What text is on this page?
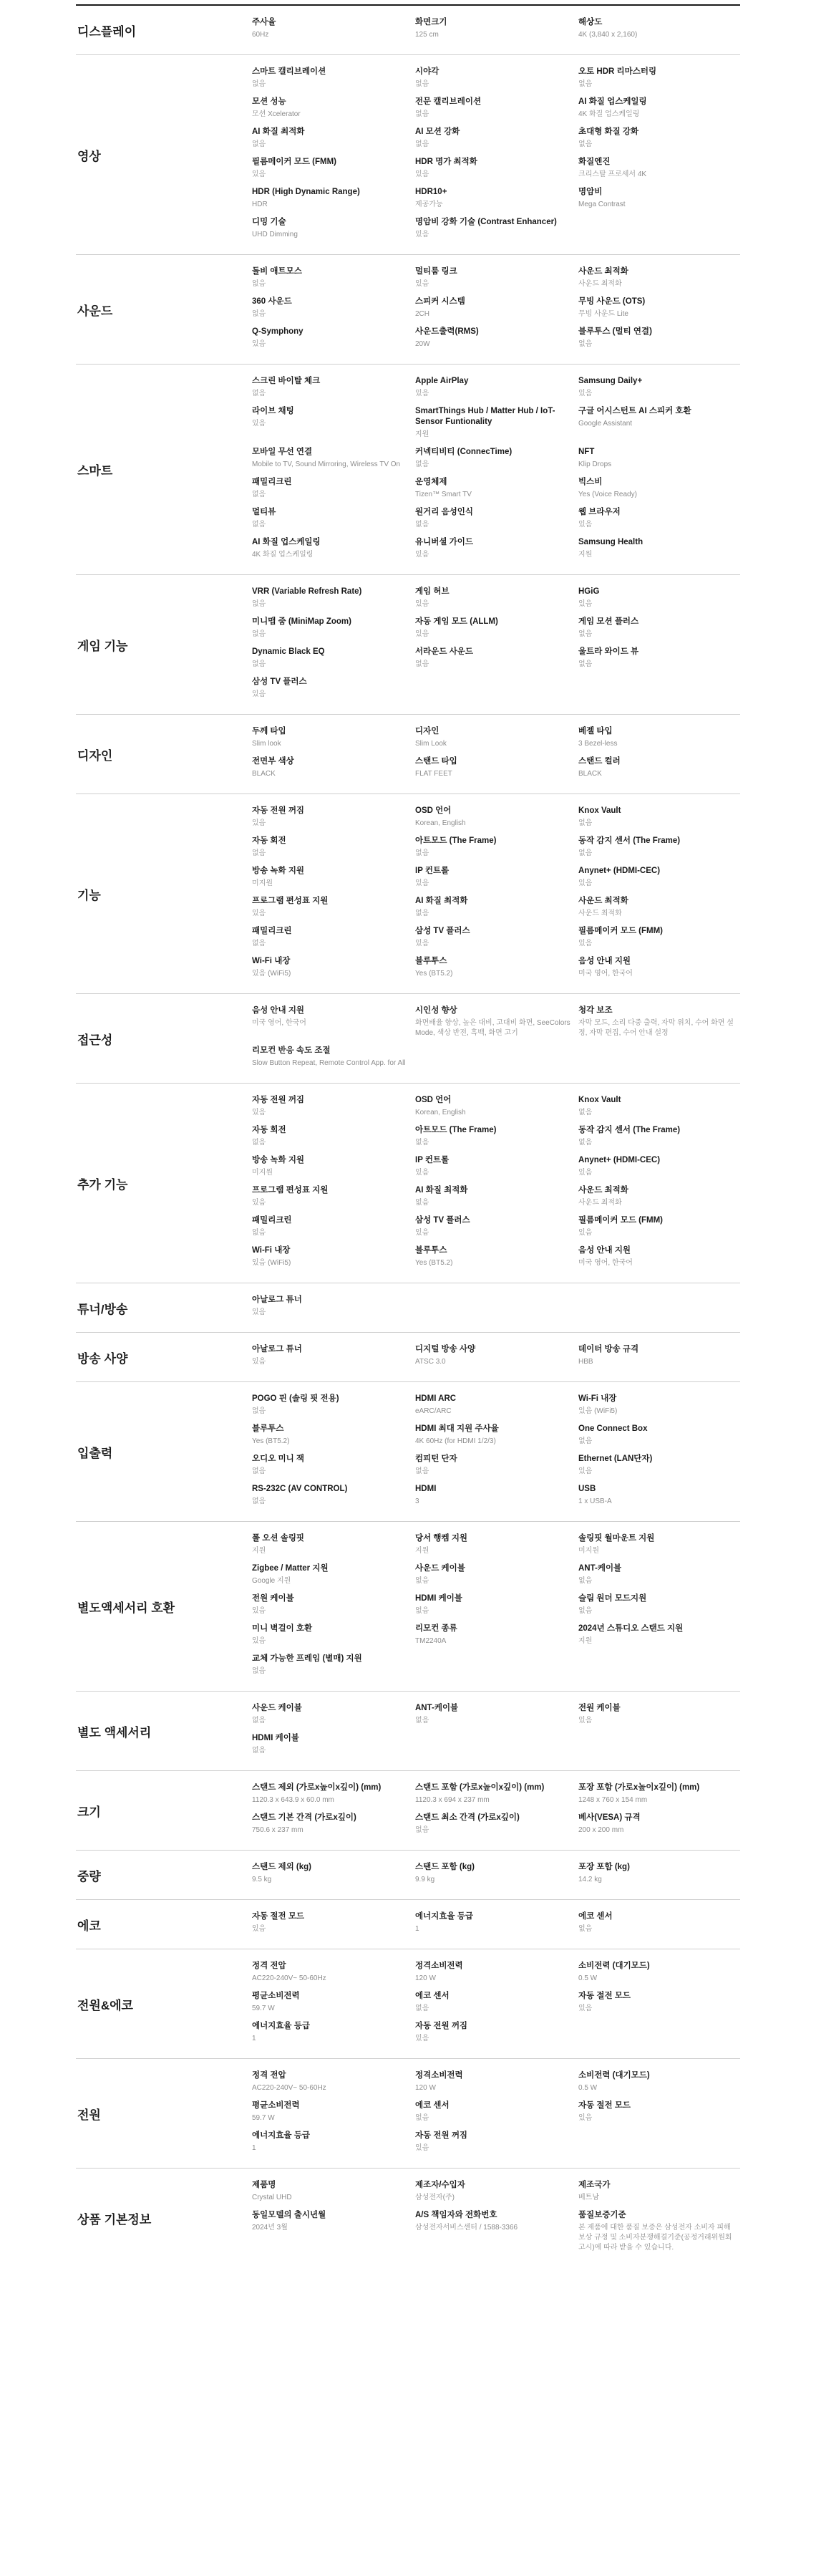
디스플레이
주사율
60Hz
화면크기
125 cm
해상도
4K (3,840 x 2,160)
영상
스마트 캘리브레이션
없음
시야각
없음
오토 HDR 리마스터링
없음
모션 성능
모션 Xcelerator
전문 캘리브레이션
없음
AI 화질 업스케일링
4K 화질 업스케일링
AI 화질 최적화
없음
AI 모션 강화
없음
초대형 화질 강화
없음
필름메이커 모드 (FMM)
있음
HDR 명가 최적화
있음
화질엔진
크리스탈 프로세서 4K
HDR (High Dynamic Range)
HDR
HDR10+
제공가능
명암비
Mega Contrast
디밍 기술
UHD Dimming
명암비 강화 기술 (Contrast Enhancer)
있음
사운드
돌비 애트모스
없음
멀티룸 링크
있음
사운드 최적화
사운드 최적화
360 사운드
없음
스피커 시스템
2CH
무빙 사운드 (OTS)
무빙 사운드 Lite
Q-Symphony
있음
사운드출력(RMS)
20W
블루투스 (멀티 연결)
없음
스마트
스크린 바이탈 체크
없음
Apple AirPlay
있음
Samsung Daily+
있음
라이브 채팅
있음
SmartThings Hub / Matter Hub / IoT-Sensor Funtionality
지원
구글 어시스턴트 AI 스피커 호환
Google Assistant
모바일 무선 연결
Mobile to TV, Sound Mirroring, Wireless TV On
커넥티비티 (ConnecTime)
없음
NFT
Klip Drops
패밀리크린
없음
운영체제
Tizen™ Smart TV
빅스비
Yes (Voice Ready)
멀티뷰
없음
원거리 음성인식
없음
웹 브라우저
있음
AI 화질 업스케일링
4K 화질 업스케일링
유니버셜 가이드
있음
Samsung Health
지원
게임 기능
VRR (Variable Refresh Rate)
없음
게임 허브
있음
HGiG
있음
미니맵 줌 (MiniMap Zoom)
없음
자동 게임 모드 (ALLM)
있음
게임 모션 플러스
없음
Dynamic Black EQ
없음
서라운드 사운드
없음
울트라 와이드 뷰
없음
삼성 TV 플러스
있음
디자인
두께 타입
Slim look
디자인
Slim Look
베젤 타입
3 Bezel-less
전면부 색상
BLACK
스탠드 타입
FLAT FEET
스탠드 컬러
BLACK
기능
자동 전원 꺼짐
있음
OSD 언어
Korean, English
Knox Vault
없음
자동 회전
없음
아트모드 (The Frame)
없음
동작 감지 센서 (The Frame)
없음
방송 녹화 지원
미지원
IP 컨트롤
있음
Anynet+ (HDMI-CEC)
있음
프로그램 편성표 지원
있음
AI 화질 최적화
없음
사운드 최적화
사운드 최적화
패밀리크린
없음
삼성 TV 플러스
있음
필름메이커 모드 (FMM)
있음
Wi-Fi 내장
있음 (WiFi5)
블루투스
Yes (BT5.2)
음성 안내 지원
미국 영어, 한국어
접근성
음성 안내 지원
미국 영어, 한국어
시인성 향상
화면배율 향상, 높은 대비, 고대비 화면, SeeColors Mode, 색상 반전, 흑백, 화면 고기
청각 보조
자막 모드, 소리 다중 출력, 자막 위치, 수어 화면 설정, 자막 편집, 수어 안내 설정
리모컨 반응 속도 조절
Slow Button Repeat, Remote Control App. for All
추가 기능
자동 전원 꺼짐
있음
OSD 언어
Korean, English
Knox Vault
없음
자동 회전
없음
아트모드 (The Frame)
없음
동작 감지 센서 (The Frame)
없음
방송 녹화 지원
미지원
IP 컨트롤
있음
Anynet+ (HDMI-CEC)
있음
프로그램 편성표 지원
있음
AI 화질 최적화
없음
사운드 최적화
사운드 최적화
패밀리크린
없음
삼성 TV 플러스
있음
필름메이커 모드 (FMM)
있음
Wi-Fi 내장
있음 (WiFi5)
블루투스
Yes (BT5.2)
음성 안내 지원
미국 영어, 한국어
튜너/방송
아날로그 튜너
있음
방송 사양
아날로그 튜너
있음
디지털 방송 사양
ATSC 3.0
데이터 방송 규격
HBB
입출력
POGO 핀 (솔링 핏 전용)
없음
HDMI ARC
eARC/ARC
Wi-Fi 내장
있음 (WiFi5)
블루투스
Yes (BT5.2)
HDMI 최대 지원 주사율
4K 60Hz (for HDMI 1/2/3)
One Connect Box
없음
오디오 미니 잭
없음
컴피턴 단자
없음
Ethernet (LAN단자)
있음
RS-232C (AV CONTROL)
없음
HDMI
3
USB
1 x USB-A
별도액세서리 호환
폴 오션 솔링핏
지원
당서 행켐 지원
지원
솔링핏 월마운트 지원
미지원
Zigbee / Matter 지원
Google 지원
사운드 케이블
없음
ANT-케이블
없음
전원 케이블
있음
HDMI 케이블
없음
슬림 원더 모드지원
없음
미니 벽걸이 호환
있음
리모컨 종류
TM2240A
2024년 스튜디오 스탠드 지원
지원
교체 가능한 프레임 (별매) 지원
없음
별도 액세서리
사운드 케이블
없음
ANT-케이블
없음
전원 케이블
있음
HDMI 케이블
없음
크기
스탠드 제외 (가로x높이x깊이) (mm)
1120.3 x 643.9 x 60.0 mm
스탠드 포함 (가로x높이x깊이) (mm)
1120.3 x 694 x 237 mm
포장 포함 (가로x높이x깊이) (mm)
1248 x 760 x 154 mm
스탠드 기본 간격 (가로x깊이)
750.6 x 237 mm
스탠드 최소 간격 (가로x깊이)
없음
베사(VESA) 규격
200 x 200 mm
중량
스탠드 제외 (kg)
9.5 kg
스탠드 포함 (kg)
9.9 kg
포장 포함 (kg)
14.2 kg
에코
자동 절전 모드
있음
에너지효율 등급
1
에코 센서
없음
전원&에코
정격 전압
AC220-240V~ 50-60Hz
정격소비전력
120 W
소비전력 (대기모드)
0.5 W
평균소비전력
59.7 W
에코 센서
없음
자동 절전 모드
있음
에너지효율 등급
1
자동 전원 꺼짐
있음
전원
정격 전압
AC220-240V~ 50-60Hz
정격소비전력
120 W
소비전력 (대기모드)
0.5 W
평균소비전력
59.7 W
에코 센서
없음
자동 절전 모드
있음
에너지효율 등급
1
자동 전원 꺼짐
있음
상품 기본정보
제품명
Crystal UHD
제조자/수입자
삼성전자(주)
제조국가
베트남
동일모델의 출시년월
2024년 3월
A/S 책임자와 전화번호
삼성전자서비스센터 / 1588-3366
품질보증기준
본 제품에 대한 품질 보증은 삼성전자 소비자 피해보상 규정 및 소비자분쟁해결기준(공정거래위원회 고시)에 따라 받을 수 있습니다.
